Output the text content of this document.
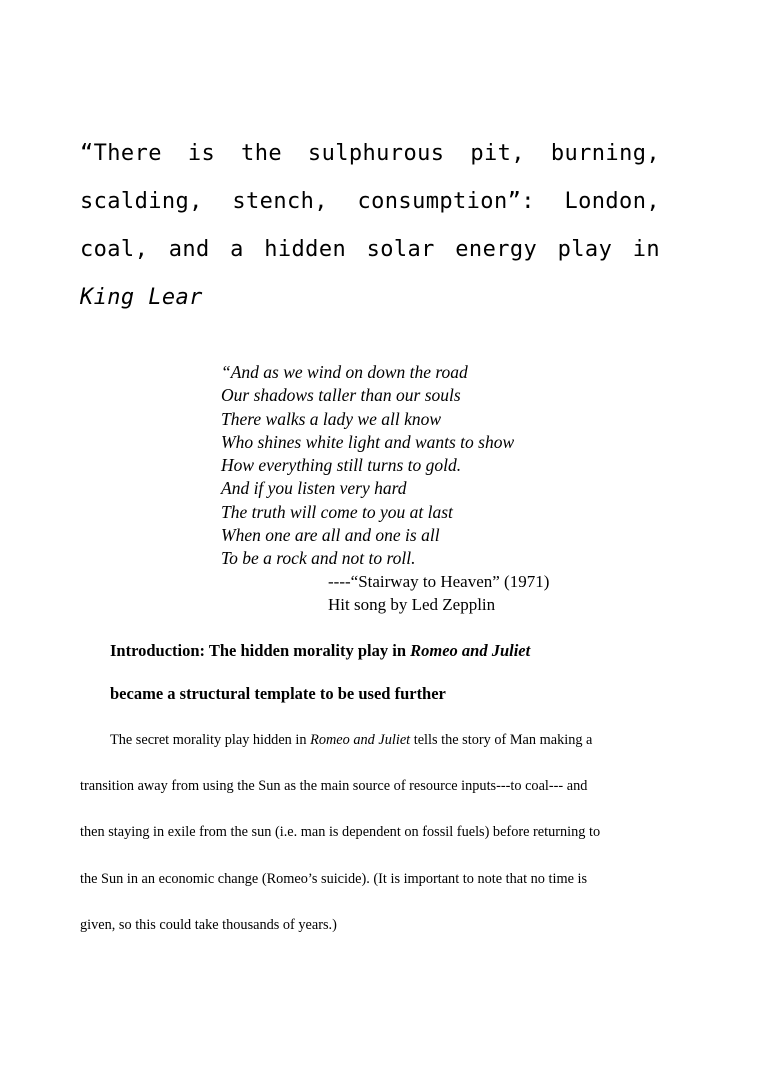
“There is the sulphurous pit, burning,
scalding, stench, consumption”: London,
coal, and a hidden solar energy play in
King Lear
“And as we wind on down the road
Our shadows taller than our souls
There walks a lady we all know
Who shines white light and wants to show
How everything still turns to gold.
And if you listen very hard
The truth will come to you at last
When one are all and one is all
To be a rock and not to roll.
----“Stairway to Heaven” (1971)
Hit song by Led Zepplin
Introduction: The hidden morality play in Romeo and Juliet
became a structural template to be used further
The secret morality play hidden in Romeo and Juliet tells the story of Man making a
transition away from using the Sun as the main source of resource inputs---to coal--- and
then staying in exile from the sun (i.e. man is dependent on fossil fuels) before returning to
the Sun in an economic change (Romeo’s suicide). (It is important to note that no time is
given, so this could take thousands of years.)
